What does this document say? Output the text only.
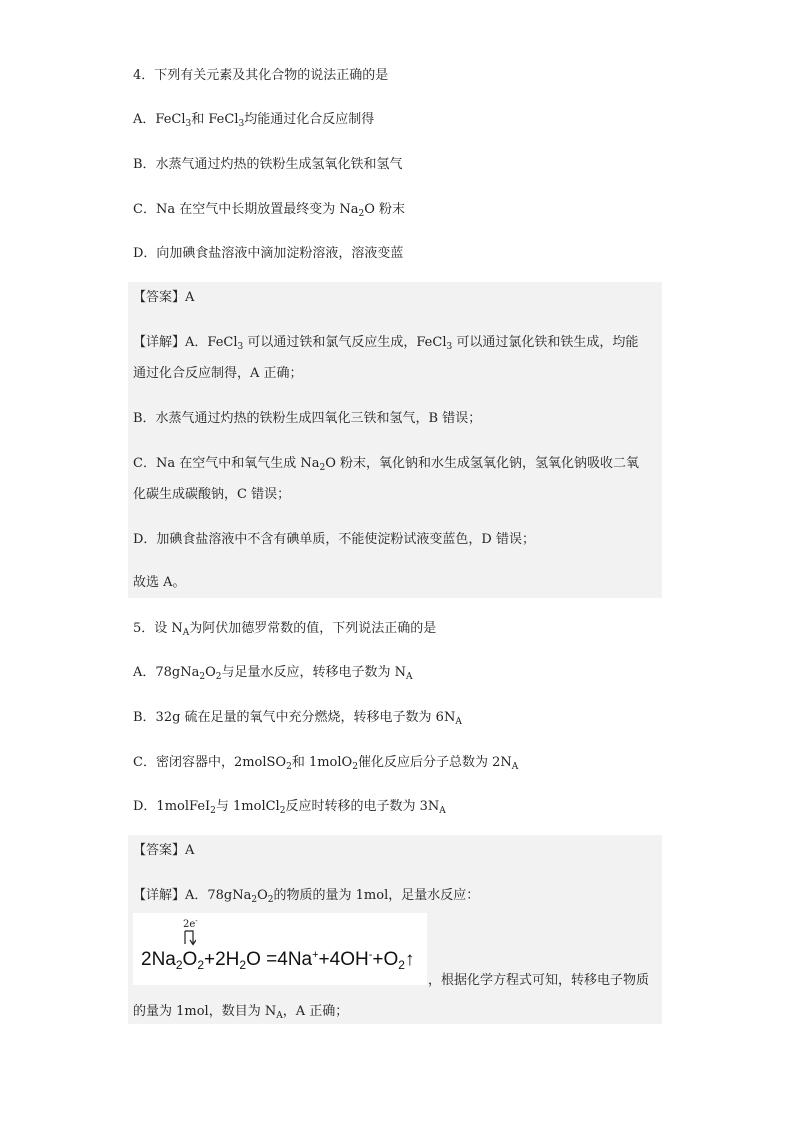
4．下列有关元素及其化合物的说法正确的是
A．FeCl$_3$和 FeCl$_3$均能通过化合反应制得
B．水蒸气通过灼热的铁粉生成氢氧化铁和氢气
C．Na 在空气中长期放置最终变为 $Na_2O$ 粉末
D．向加碘食盐溶液中滴加淀粉溶液，溶液变蓝
【答案】A
【详解】A．FeCl$_3$ 可以通过铁和氯气反应生成，FeCl$_3$ 可以通过氯化铁和铁生成，均能
通过化合反应制得，A 正确；
B．水蒸气通过灼热的铁粉生成四氧化三铁和氢气，B 错误；
C．Na 在空气中和氧气生成 $Na_2O$ 粉末，氧化钠和水生成氢氧化钠，氢氧化钠吸收二氧
化碳生成碳酸钠，C 错误；
D．加碘食盐溶液中不含有碘单质，不能使淀粉试液变蓝色，D 错误；
故选 A。
5．设 $N_A$为阿伏加德罗常数的值，下列说法正确的是
A．$78gNa_2O_2$与足量水反应，转移电子数为 $N_A$
B．32g 硫在足量的氧气中充分燃烧，转移电子数为 $6N_A$
C．密闭容器中，2molSO$_2$和 1molO$_2$催化反应后分子总数为 $2N_A$
D．1molFeI$_2$与 1molCl$_2$反应时转移的电子数为 $3N_A$
【答案】A
【详解】A．$78gNa_2O_2$的物质的量为 1mol，足量水反应：
2e-
$2Na_2O_2+2H_2O$ $=4Na^++4OH^-+O_2↑$
，根据化学方程式可知，转移电子物质
的量为 1mol，数目为 $N_A$，A 正确；
